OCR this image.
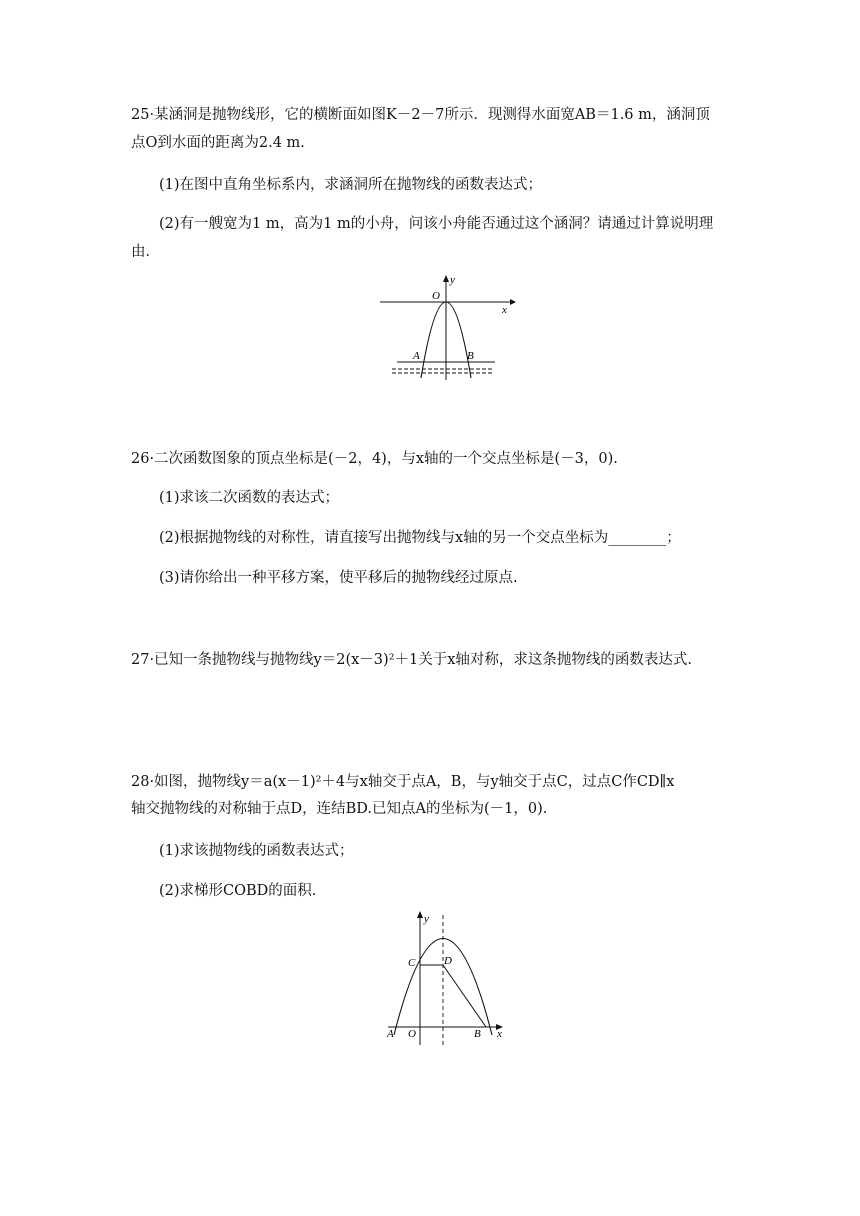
25·某涵洞是抛物线形，它的横断面如图K－2－7所示．现测得水面宽AB＝1.6 m，涵洞顶
点O到水面的距离为2.4 m.
(1)在图中直角坐标系内，求涵洞所在抛物线的函数表达式；
(2)有一艘宽为1 m，高为1 m的小舟，问该小舟能否通过这个涵洞？请通过计算说明理
由．
y
O
x
A	B
26·二次函数图象的顶点坐标是(－2，4)，与x轴的一个交点坐标是(－3，0).
(1)求该二次函数的表达式；
(2)根据抛物线的对称性，请直接写出抛物线与x轴的另一个交点坐标为________；
(3)请你给出一种平移方案，使平移后的抛物线经过原点.
27·已知一条抛物线与抛物线y＝2(x－3)²＋1关于x轴对称，求这条抛物线的函数表达式.
28·如图，抛物线y＝a(x－1)²＋4与x轴交于点A，B，与y轴交于点C，过点C作CD∥x
轴交抛物线的对称轴于点D，连结BD.已知点A的坐标为(－1，0).
(1)求该抛物线的函数表达式；
(2)求梯形COBD的面积.
y
C	D
A O	B x
